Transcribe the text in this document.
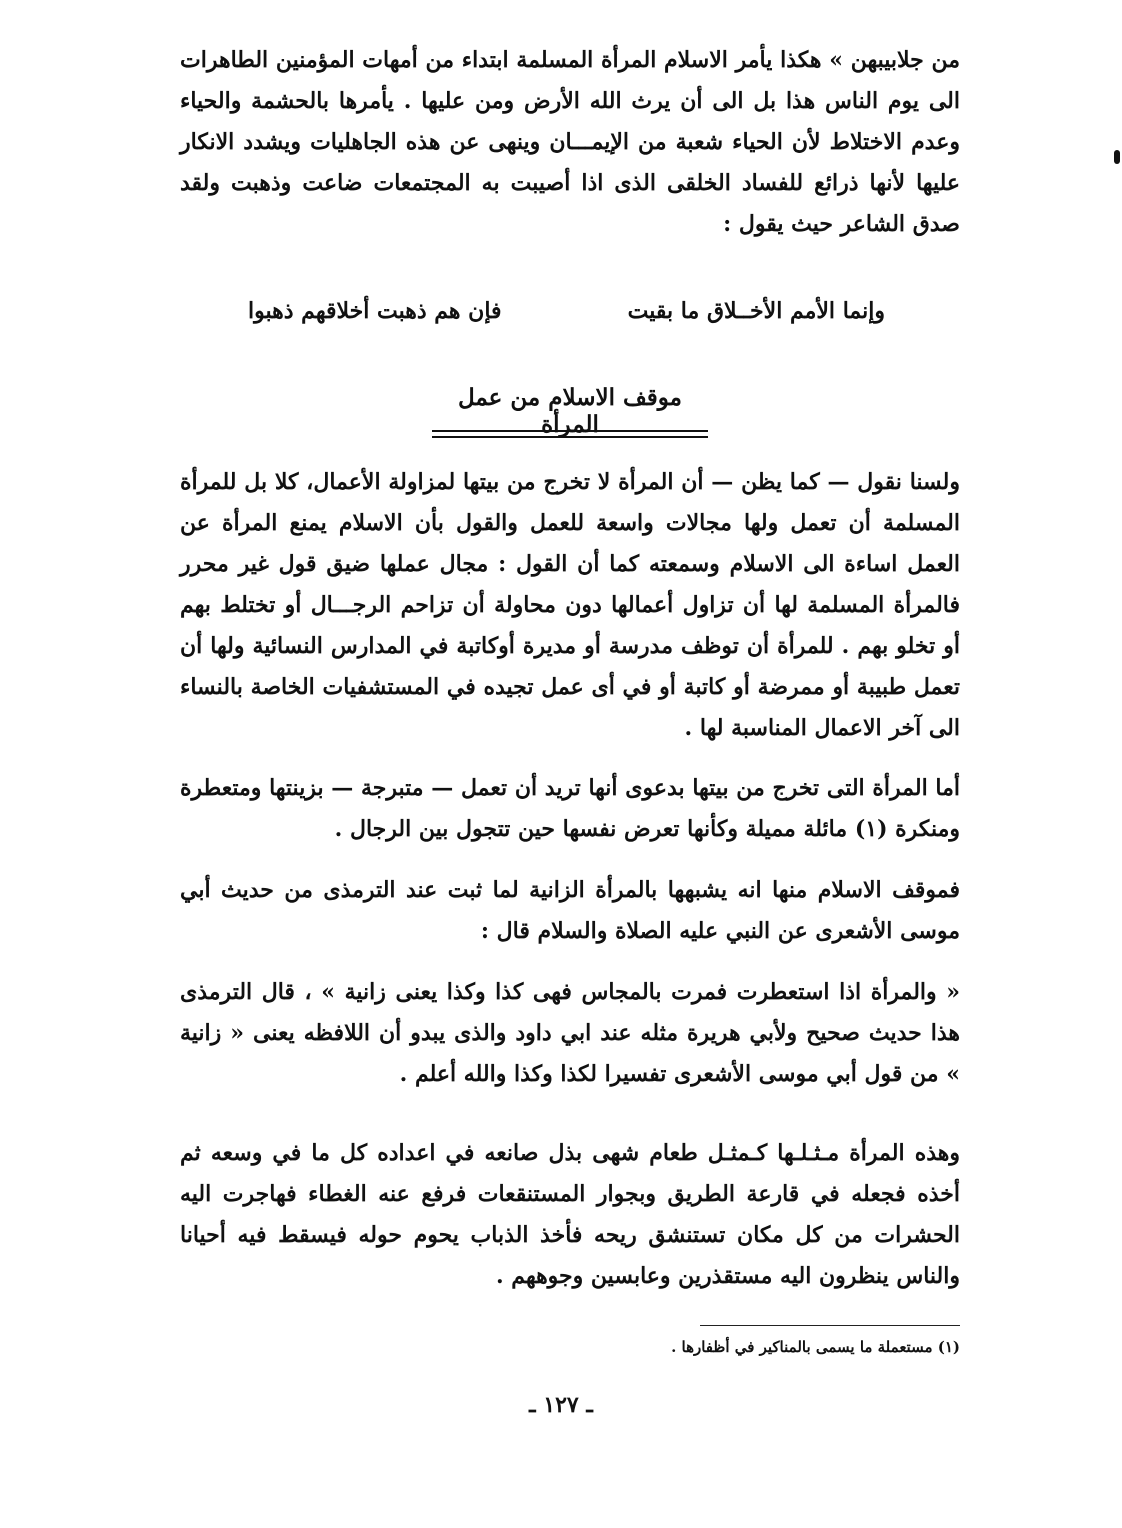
من جلابيبهن » هكذا يأمر الاسلام المرأة المسلمة ابتداء من أمهات المؤمنين الطاهرات الى يوم الناس هذا بل الى أن يرث الله الأرض ومن عليها . يأمرها بالحشمة والحياء وعدم الاختلاط لأن الحياء شعبة من الإيمـــان وينهى عن هذه الجاهليات ويشدد الانكار عليها لأنها ذرائع للفساد الخلقى الذى اذا أصيبت به المجتمعات ضاعت وذهبت ولقد صدق الشاعر حيث يقول :
وإنما الأمم الأخــلاق ما بقيت
فإن هم ذهبت أخلاقهم ذهبوا
موقف الاسلام من عمل المرأة
ولسنا نقول — كما يظن — أن المرأة لا تخرج من بيتها لمزاولة الأعمال، كلا بل للمرأة المسلمة أن تعمل ولها مجالات واسعة للعمل والقول بأن الاسلام يمنع المرأة عن العمل اساءة الى الاسلام وسمعته كما أن القول : مجال عملها ضيق قول غير محرر فالمرأة المسلمة لها أن تزاول أعمالها دون محاولة أن تزاحم الرجـــال أو تختلط بهم أو تخلو بهم . للمرأة أن توظف مدرسة أو مديرة أوكاتبة في المدارس النسائية ولها أن تعمل طبيبة أو ممرضة أو كاتبة أو في أى عمل تجيده في المستشفيات الخاصة بالنساء الى آخر الاعمال المناسبة لها .
أما المرأة التى تخرج من بيتها بدعوى أنها تريد أن تعمل — متبرجة — بزينتها ومتعطرة ومنكرة (١) مائلة مميلة وكأنها تعرض نفسها حين تتجول بين الرجال .
فموقف الاسلام منها انه يشبهها بالمرأة الزانية لما ثبت عند الترمذى من حديث أبي موسى الأشعرى عن النبي عليه الصلاة والسلام قال :
« والمرأة اذا استعطرت فمرت بالمجاس فهى كذا وكذا يعنى زانية » ، قال الترمذى هذا حديث صحيح ولأبي هريرة مثله عند ابي داود والذى يبدو أن اللافظه يعنى « زانية » من قول أبي موسى الأشعرى تفسيرا لكذا وكذا والله أعلم .
وهذه المرأة مـثـلـها كـمثـل طعام شهى بذل صانعه في اعداده كل ما في وسعه ثم أخذه فجعله في قارعة الطريق وبجوار المستنقعات فرفع عنه الغطاء فهاجرت اليه الحشرات من كل مكان تستنشق ريحه فأخذ الذباب يحوم حوله فيسقط فيه أحيانا والناس ينظرون اليه مستقذرين وعابسين وجوههم .
(١) مستعملة ما يسمى بالمناكير في أظفارها .
ـ ١٢٧ ـ
